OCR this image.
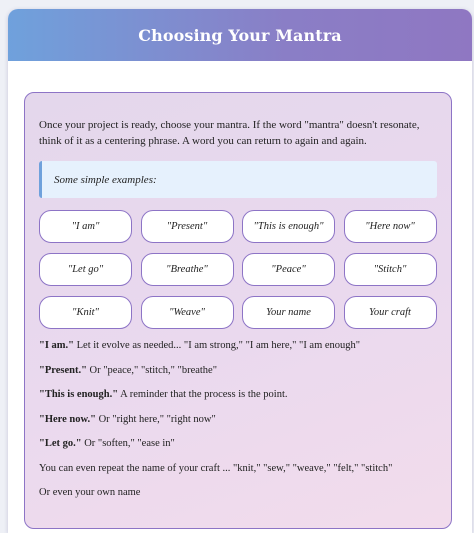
Choosing Your Mantra

Once your project is ready, choose your mantra. If the word "mantra" doesn't resonate, think of it as a centering phrase. A word you can return to again and again.

Some simple examples:
"I am"	"Present"	"This is enough"	"Here now"
"Let go"	"Breathe"	"Peace"	"Stitch"
"Knit"	"Weave"	Your name	Your craft

"I am." Let it evolve as needed... "I am strong," "I am here," "I am enough"

"Present." Or "peace," "stitch," "breathe"

"This is enough." A reminder that the process is the point.

"Here now." Or "right here," "right now"

"Let go." Or "soften," "ease in"

You can even repeat the name of your craft ... "knit," "sew," "weave," "felt," "stitch"

Or even your own name
